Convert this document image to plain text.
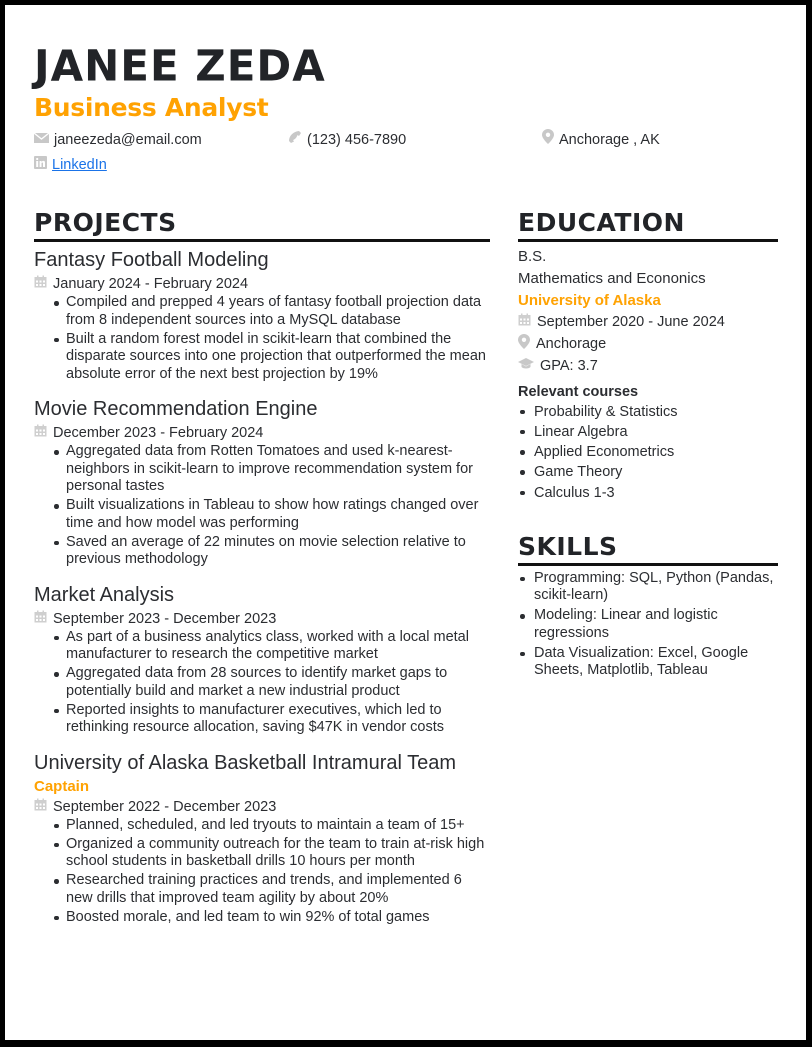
JANEE ZEDA
Business Analyst
janeezeda@email.com	(123) 456-7890	Anchorage , AK
LinkedIn
PROJECTS
Fantasy Football Modeling
January 2024 - February 2024
Compiled and prepped 4 years of fantasy football projection data from 8 independent sources into a MySQL database
Built a random forest model in scikit-learn that combined the disparate sources into one projection that outperformed the mean absolute error of the next best projection by 19%
Movie Recommendation Engine
December 2023 - February 2024
Aggregated data from Rotten Tomatoes and used k-nearest-neighbors in scikit-learn to improve recommendation system for personal tastes
Built visualizations in Tableau to show how ratings changed over time and how model was performing
Saved an average of 22 minutes on movie selection relative to previous methodology
Market Analysis
September 2023 - December 2023
As part of a business analytics class, worked with a local metal manufacturer to research the competitive market
Aggregated data from 28 sources to identify market gaps to potentially build and market a new industrial product
Reported insights to manufacturer executives, which led to rethinking resource allocation, saving $47K in vendor costs
University of Alaska Basketball Intramural Team
Captain
September 2022 - December 2023
Planned, scheduled, and led tryouts to maintain a team of 15+
Organized a community outreach for the team to train at-risk high school students in basketball drills 10 hours per month
Researched training practices and trends, and implemented 6 new drills that improved team agility by about 20%
Boosted morale, and led team to win 92% of total games
EDUCATION
B.S.
Mathematics and Econonics
University of Alaska
September 2020 - June 2024
Anchorage
GPA: 3.7
Relevant courses
Probability & Statistics
Linear Algebra
Applied Econometrics
Game Theory
Calculus 1-3
SKILLS
Programming: SQL, Python (Pandas, scikit-learn)
Modeling: Linear and logistic regressions
Data Visualization: Excel, Google Sheets, Matplotlib, Tableau
